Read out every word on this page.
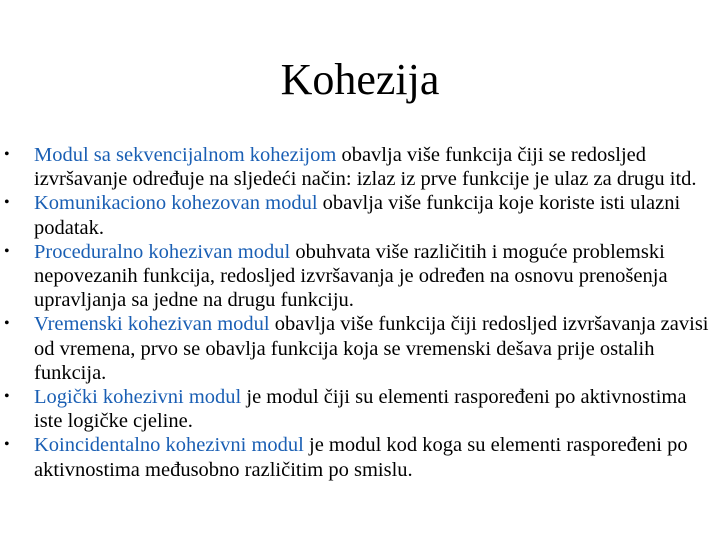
Kohezija
• Modul sa sekvencijalnom kohezijom obavlja više funkcija čiji se redosljed izvršavanje određuje na sljedeći način: izlaz iz prve funkcije je ulaz za drugu itd.
• Komunikaciono kohezovan modul obavlja više funkcija koje koriste isti ulazni podatak.
• Proceduralno kohezivan modul obuhvata više različitih i moguće problemski nepovezanih funkcija, redosljed izvršavanja je određen na osnovu prenošenja upravljanja sa jedne na drugu funkciju.
• Vremenski kohezivan modul obavlja više funkcija čiji redosljed izvršavanja zavisi od vremena, prvo se obavlja funkcija koja se vremenski dešava prije ostalih funkcija.
• Logički kohezivni modul je modul čiji su elementi raspoređeni po aktivnostima iste logičke cjeline.
• Koincidentalno kohezivni modul je modul kod koga su elementi raspoređeni po aktivnostima međusobno različitim po smislu.
